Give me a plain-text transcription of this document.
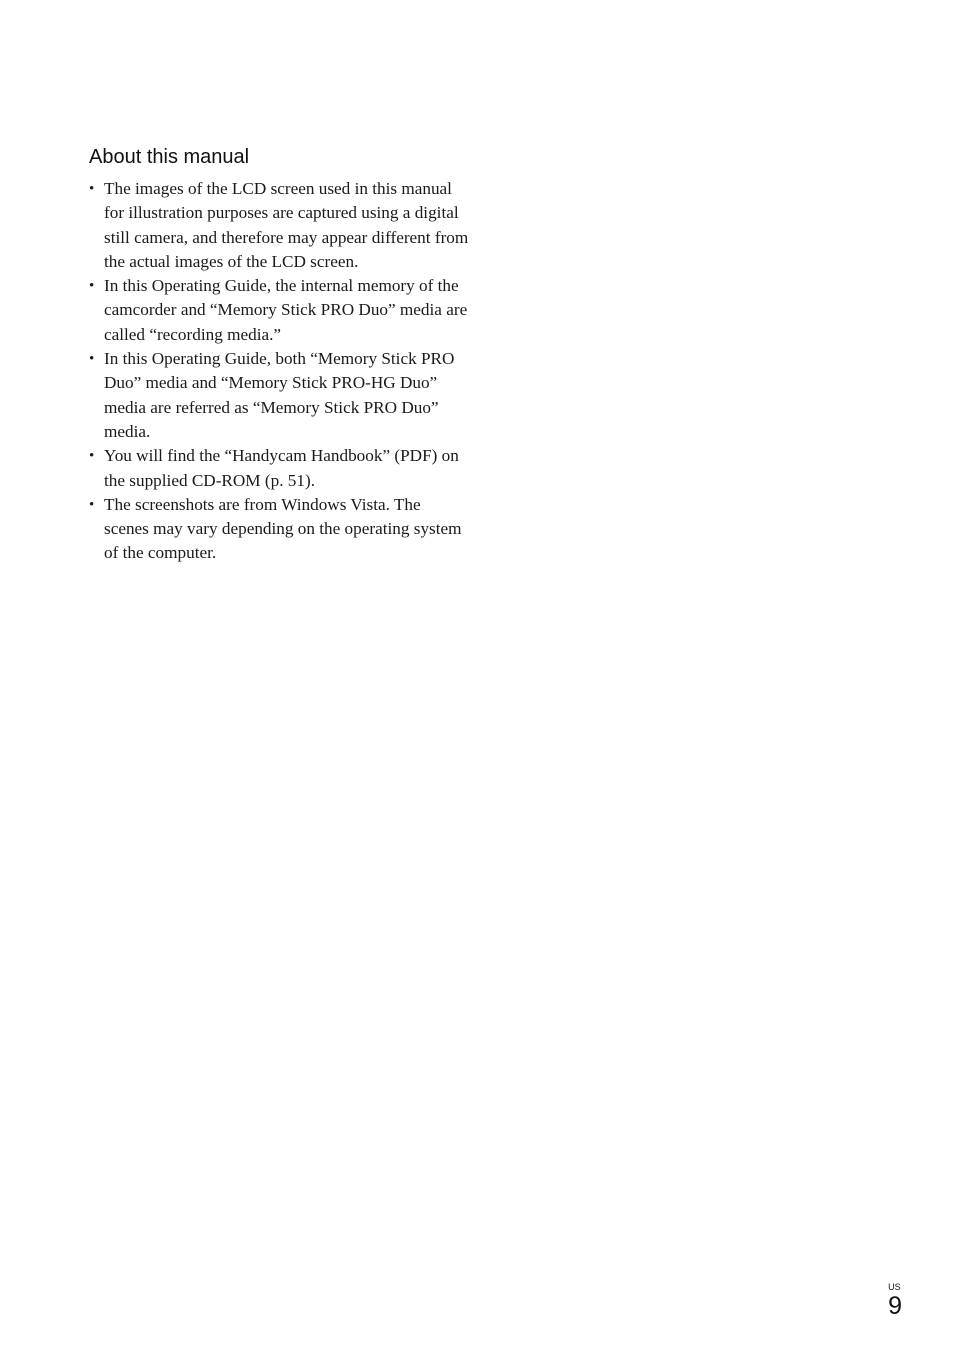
About this manual
• The images of the LCD screen used in this manual for illustration purposes are captured using a digital still camera, and therefore may appear different from the actual images of the LCD screen.
• In this Operating Guide, the internal memory of the camcorder and “Memory Stick PRO Duo” media are called “recording media.”
• In this Operating Guide, both “Memory Stick PRO Duo” media and “Memory Stick PRO-HG Duo” media are referred as “Memory Stick PRO Duo” media.
• You will find the “Handycam Handbook” (PDF) on the supplied CD-ROM (p. 51).
• The screenshots are from Windows Vista. The scenes may vary depending on the operating system of the computer.
US
9
